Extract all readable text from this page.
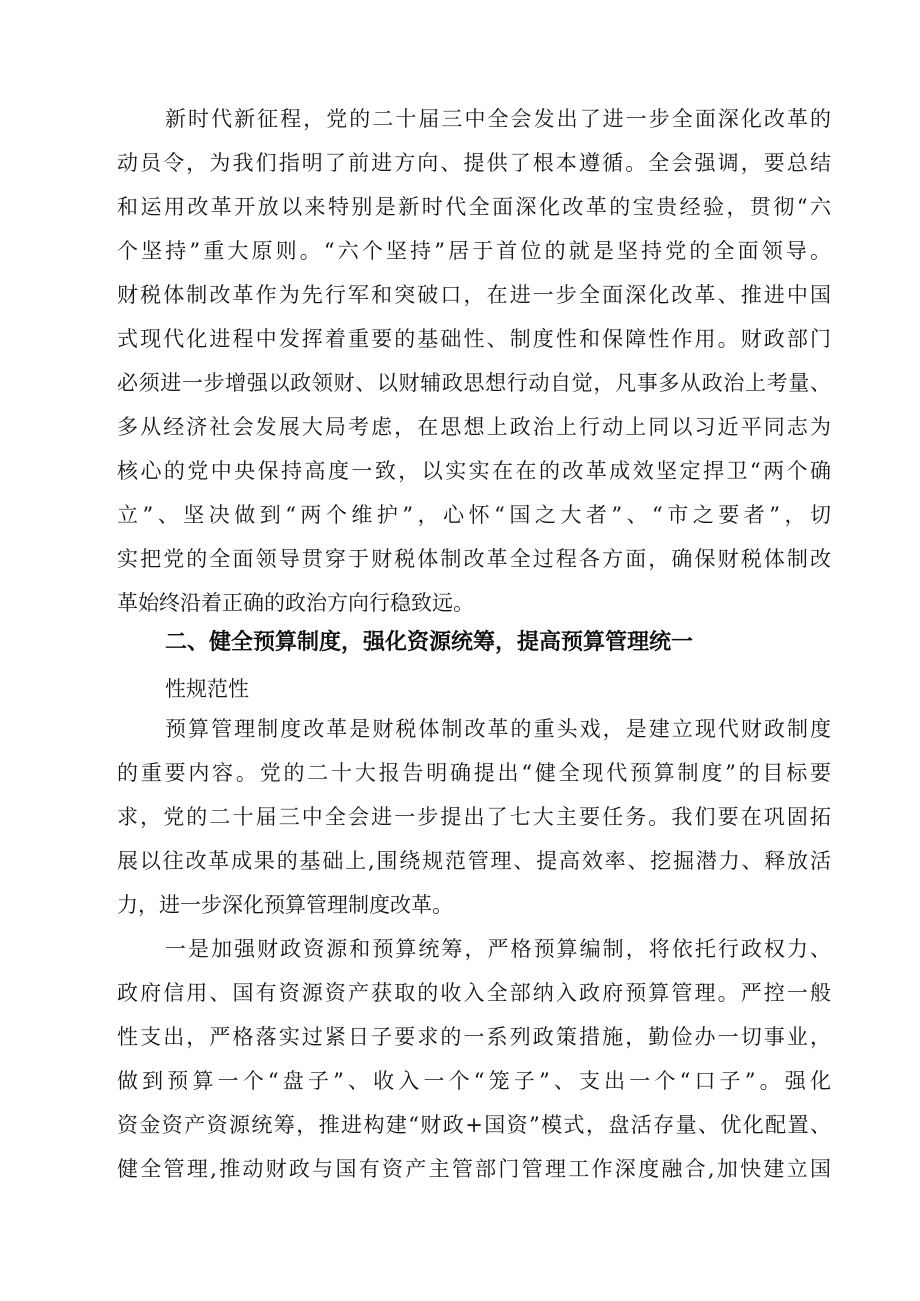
新时代新征程，党的二十届三中全会发出了进一步全面深化改革的
动员令，为我们指明了前进方向、提供了根本遵循。全会强调，要总结
和运用改革开放以来特别是新时代全面深化改革的宝贵经验，贯彻“六
个坚持”重大原则。“六个坚持”居于首位的就是坚持党的全面领导。
财税体制改革作为先行军和突破口，在进一步全面深化改革、推进中国
式现代化进程中发挥着重要的基础性、制度性和保障性作用。财政部门
必须进一步增强以政领财、以财辅政思想行动自觉，凡事多从政治上考量、
多从经济社会发展大局考虑，在思想上政治上行动上同以习近平同志为
核心的党中央保持高度一致，以实实在在的改革成效坚定捍卫“两个确
立”、坚决做到“两个维护”，心怀“国之大者”、“市之要者”，切
实把党的全面领导贯穿于财税体制改革全过程各方面，确保财税体制改
革始终沿着正确的政治方向行稳致远。
二、健全预算制度，强化资源统筹，提高预算管理统一
性规范性
预算管理制度改革是财税体制改革的重头戏，是建立现代财政制度
的重要内容。党的二十大报告明确提出“健全现代预算制度”的目标要
求，党的二十届三中全会进一步提出了七大主要任务。我们要在巩固拓
展以往改革成果的基础上,围绕规范管理、提高效率、挖掘潜力、释放活
力，进一步深化预算管理制度改革。
一是加强财政资源和预算统筹，严格预算编制，将依托行政权力、
政府信用、国有资源资产获取的收入全部纳入政府预算管理。严控一般
性支出，严格落实过紧日子要求的一系列政策措施，勤俭办一切事业，
做到预算一个“盘子”、收入一个“笼子”、支出一个“口子”。强化
资金资产资源统筹，推进构建“财政+国资”模式，盘活存量、优化配置、
健全管理,推动财政与国有资产主管部门管理工作深度融合,加快建立国
